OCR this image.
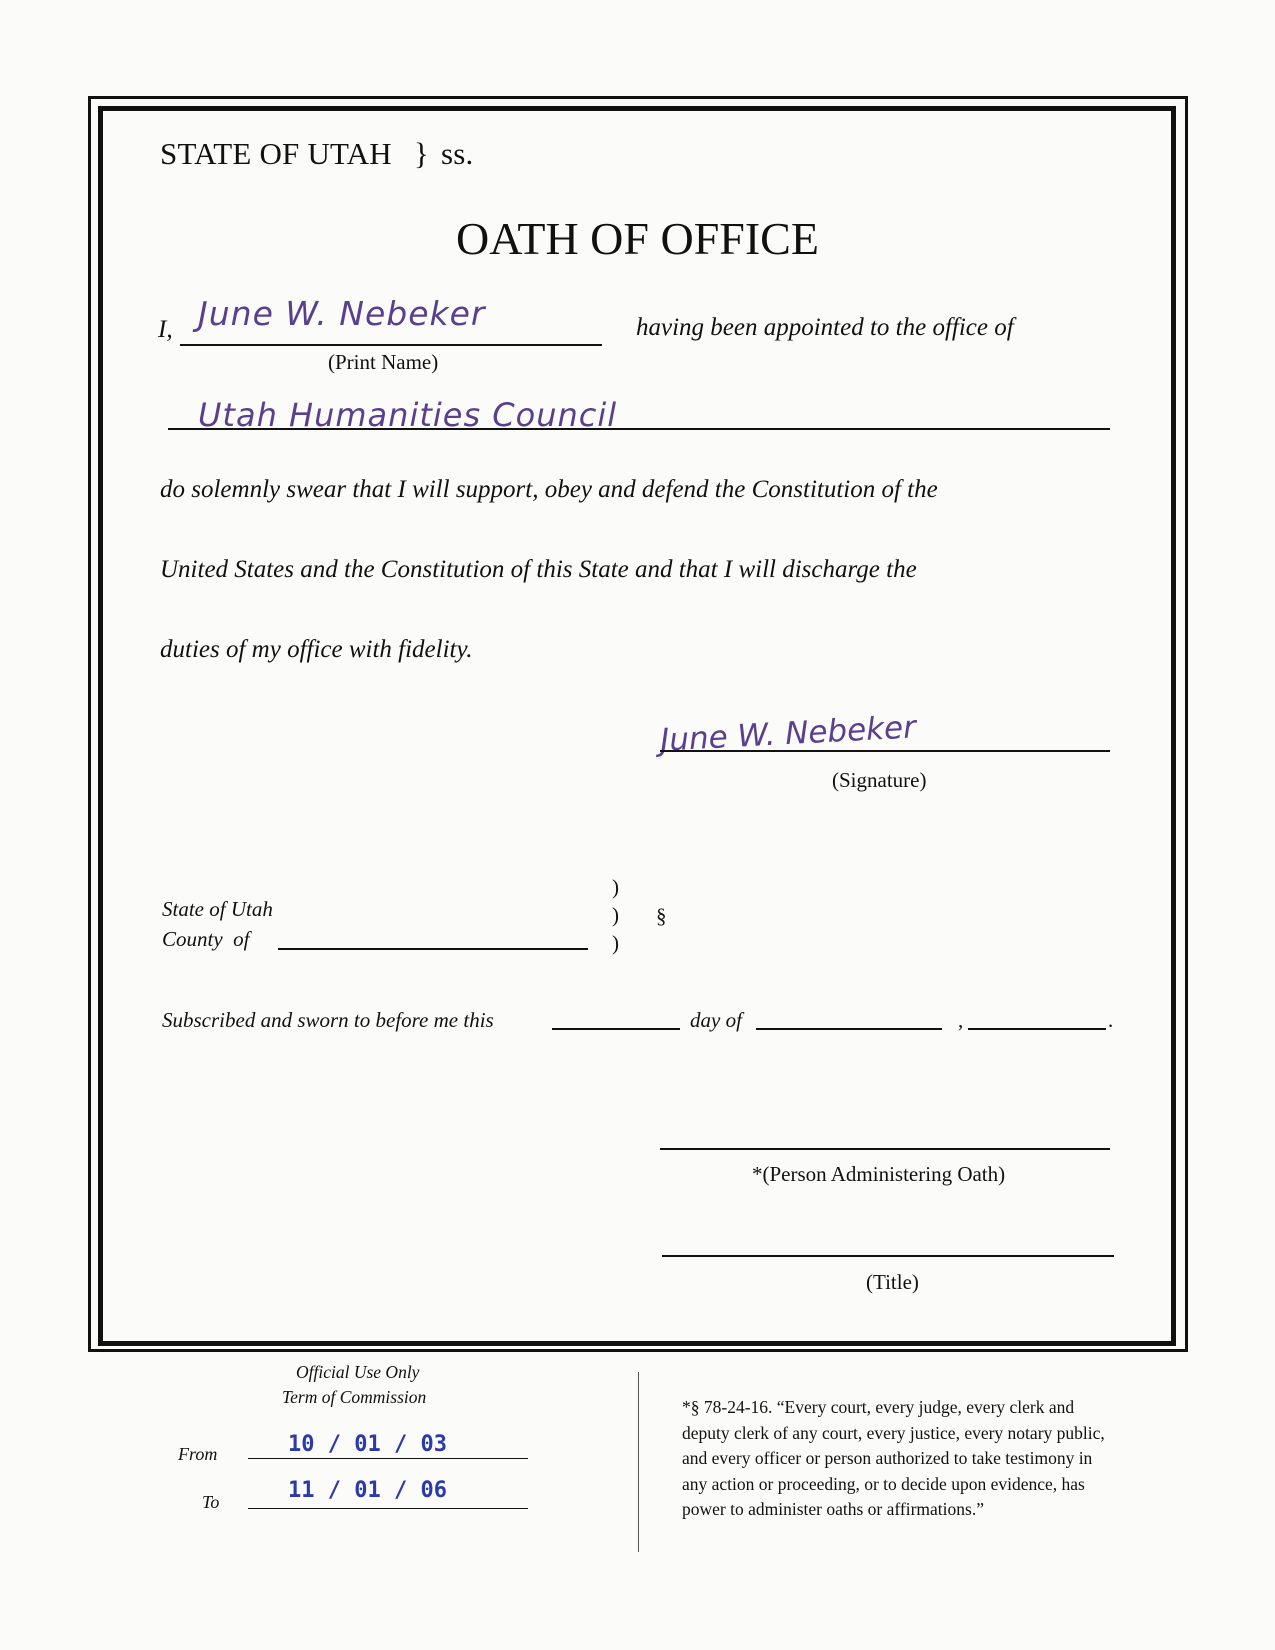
STATE OF UTAH } ss.
OATH OF OFFICE
I, June W. Nebeker
(Print Name)
having been appointed to the office of
Utah Humanities Council
do solemnly swear that I will support, obey and defend the Constitution of the
United States and the Constitution of this State and that I will discharge the
duties of my office with fidelity.
June W. Nebeker
(Signature)
State of Utah
County of
)
)
)
§
Subscribed and sworn to before me this	day of	,	.
*(Person Administering Oath)
(Title)
Official Use Only
Term of Commission
From	10 / 01 / 03
To	11 / 01 / 06
*§ 78-24-16. “Every court, every judge, every clerk and
deputy clerk of any court, every justice, every notary public,
and every officer or person authorized to take testimony in
any action or proceeding, or to decide upon evidence, has
power to administer oaths or affirmations.”
